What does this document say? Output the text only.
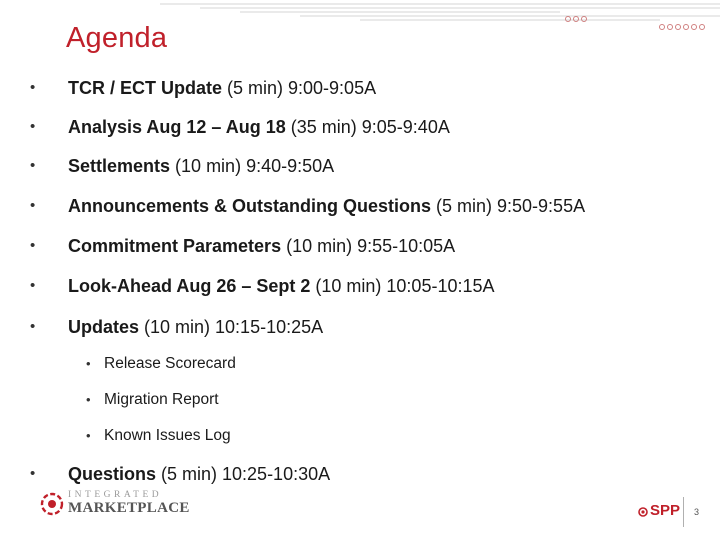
Agenda
•	TCR / ECT Update (5 min) 9:00-9:05A
•	Analysis Aug 12 – Aug 18 (35 min) 9:05-9:40A
•	Settlements (10 min) 9:40-9:50A
•	Announcements & Outstanding Questions (5 min) 9:50-9:55A
•	Commitment Parameters (10 min) 9:55-10:05A
•	Look-Ahead Aug 26 – Sept 2 (10 min) 10:05-10:15A
•	Updates (10 min) 10:15-10:25A
• Release Scorecard
• Migration Report
• Known Issues Log
•	Questions (5 min) 10:25-10:30A
INTEGRATED
MARKETPLACE	SPP 3
